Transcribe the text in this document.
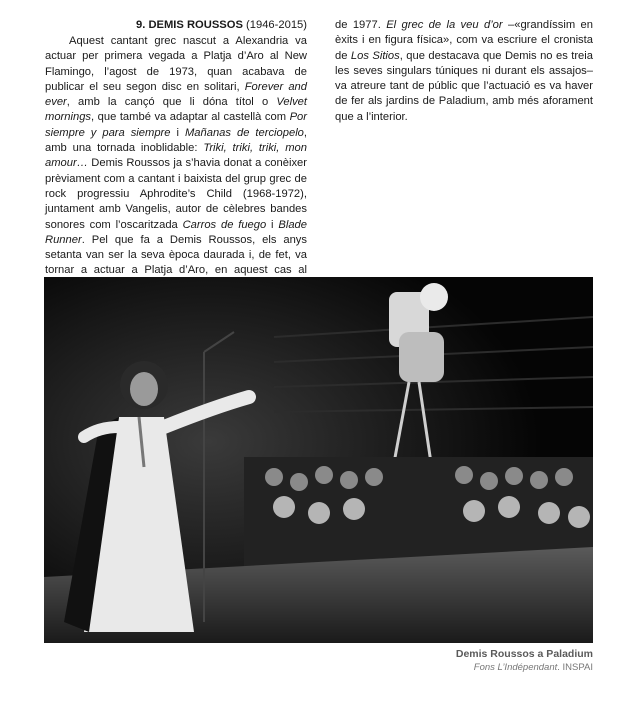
9. DEMIS ROUSSOS (1946-2015)

Aquest cantant grec nascut a Alexandria va actuar per primera vegada a Platja d’Aro al New Flamingo, l’agost de 1973, quan acabava de publicar el seu segon disc en solitari, Forever and ever, amb la cançó que li dóna títol o Velvet mornings, que també va adaptar al castellà com Por siempre y para siempre i Mañanas de terciopelo, amb una tornada inoblidable: Triki, triki, triki, mon amour… Demis Roussos ja s’havia donat a conèixer prèviament com a cantant i baixista del grup grec de rock progressiu Aphrodite’s Child (1968-1972), juntament amb Vangelis, autor de cèlebres bandes sonores com l’oscaritzada Carros de fuego i Blade Runner. Pel que fa a Demis Roussos, els anys setanta van ser la seva època daurada i, de fet, va tornar a actuar a Platja d’Aro, en aquest cas al

de 1977. El grec de la veu d’or –«grandíssim en èxits i en figura física», com va escriure el cronista de Los Sitios, que destacava que Demis no es treia les seves singulars túniques ni durant els assajos– va atreure tant de públic que l’actuació es va haver de fer als jardins de Paladium, amb més aforament que a l’interior.

Demis Roussos a Paladium
Fons L’Indépendant. INSPAI
